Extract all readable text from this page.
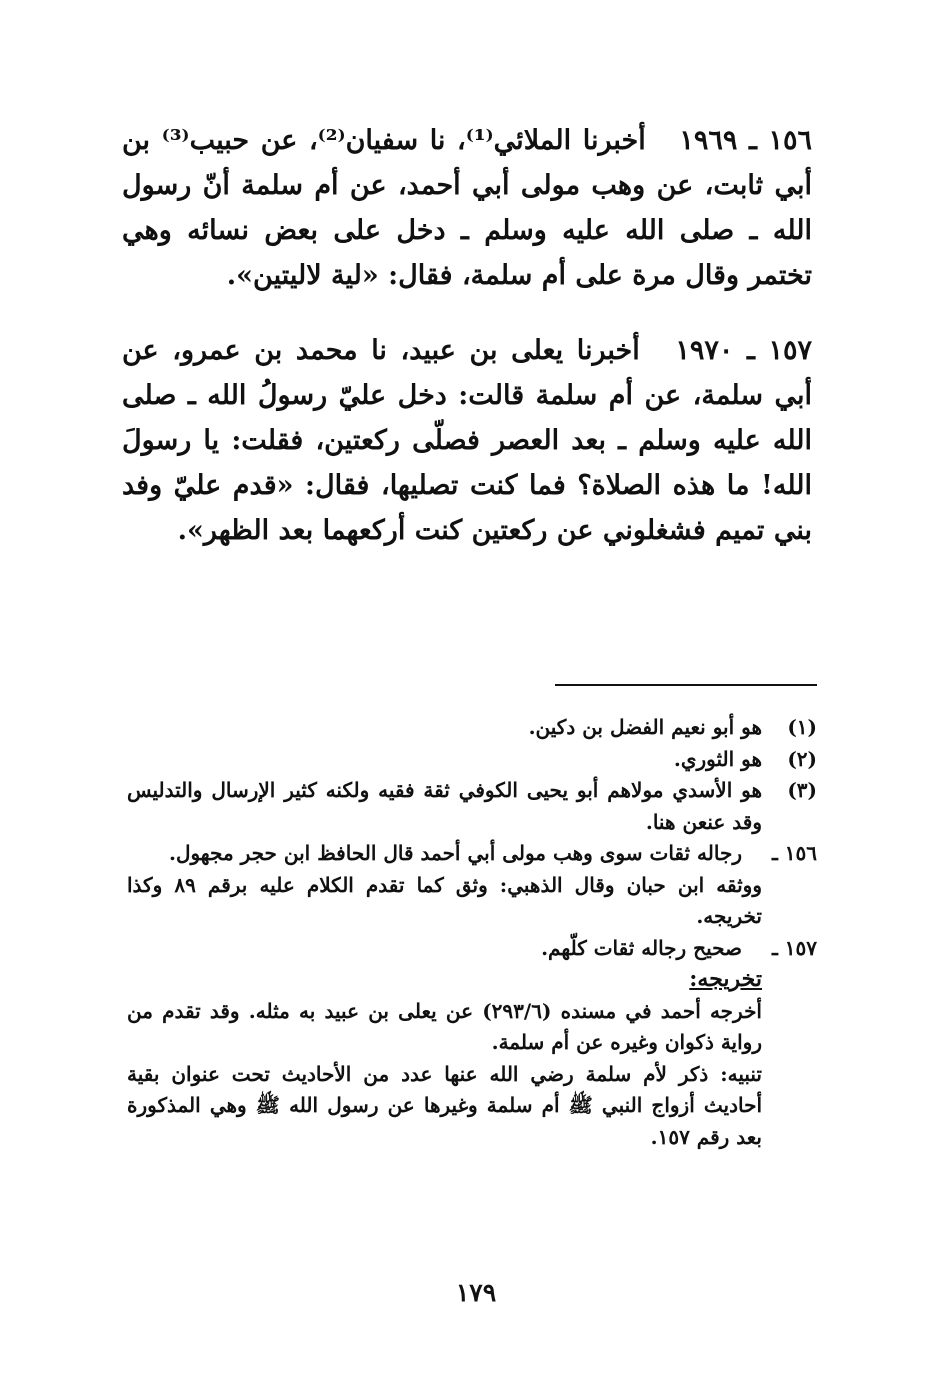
١٥٦ ـ ١٩٦٩ أخبرنا الملائي⁽¹⁾، نا سفيان⁽²⁾، عن حبيب⁽³⁾ بن أبي ثابت، عن وهب مولى أبي أحمد، عن أم سلمة أنّ رسول الله ـ صلى الله عليه وسلم ـ دخل على بعض نسائه وهي تختمر وقال مرة على أم سلمة، فقال: «لية لاليتين».
١٥٧ ـ ١٩٧٠ أخبرنا يعلى بن عبيد، نا محمد بن عمرو، عن أبي سلمة، عن أم سلمة قالت: دخل عليّ رسولُ الله ـ صلى الله عليه وسلم ـ بعد العصر فصلّى ركعتين، فقلت: يا رسولَ الله! ما هذه الصلاة؟ فما كنت تصليها، فقال: «قدم عليّ وفد بني تميم فشغلوني عن ركعتين كنت أركعهما بعد الظهر».
(١)
هو أبو نعيم الفضل بن دكين.
(٢)
هو الثوري.
(٣)
هو الأسدي مولاهم أبو يحيى الكوفي ثقة فقيه ولكنه كثير الإرسال والتدليس وقد عنعن هنا.
١٥٦ ـ
رجاله ثقات سوى وهب مولى أبي أحمد قال الحافظ ابن حجر مجهول.
ووثقه ابن حبان وقال الذهبي: وثق كما تقدم الكلام عليه برقم ٨٩ وكذا تخريجه.
١٥٧ ـ
صحيح رجاله ثقات كلّهم.
تخريجه:
أخرجه أحمد في مسنده (٢٩٣/٦) عن يعلى بن عبيد به مثله. وقد تقدم من رواية ذكوان وغيره عن أم سلمة.
تنبيه: ذكر لأم سلمة رضي الله عنها عدد من الأحاديث تحت عنوان بقية أحاديث أزواج النبي ﷺ أم سلمة وغيرها عن رسول الله ﷺ وهي المذكورة بعد رقم ١٥٧.
١٧٩
